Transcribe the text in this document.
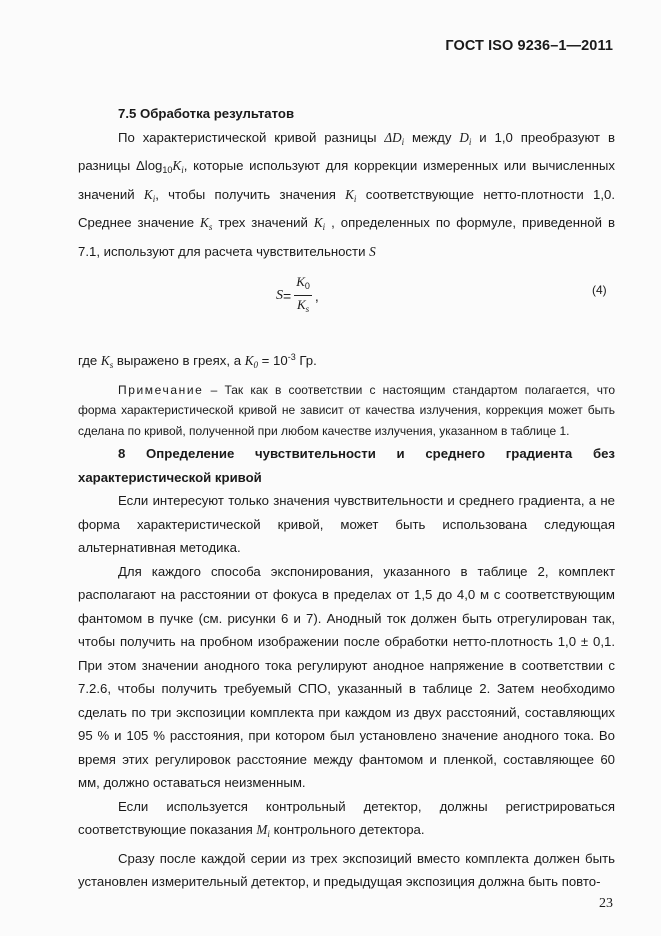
ГОСТ ISO 9236–1—2011

7.5 Обработка результатов

По характеристической кривой разницы $\Delta D_i$ между $D_i$ и 1,0 преобразуют в разницы $\Delta\log_{10}K_i$, которые используют для коррекции измеренных или вычисленных значений $K_i$, чтобы получить значения $K_i$ соответствующие нетто-плотности 1,0. Среднее значение $K_s$ трех значений $K_i$ , определенных по формуле, приведенной в 7.1, используют для расчета чувствительности S

$S = \frac{K_0}{K_s}$ ,	(4)

где $K_s$ выражено в греях, а $K_0 = 10^{-3}$ Гр.

Примечание – Так как в соответствии с настоящим стандартом полагается, что форма характеристической кривой не зависит от качества излучения, коррекция может быть сделана по кривой, полученной при любом качестве излучения, указанном в таблице 1.

8 Определение чувствительности и среднего градиента без характеристической кривой

Если интересуют только значения чувствительности и среднего градиента, а не форма характеристической кривой, может быть использована следующая альтернативная методика.

Для каждого способа экспонирования, указанного в таблице 2, комплект располагают на расстоянии от фокуса в пределах от 1,5 до 4,0 м с соответствующим фантомом в пучке (см. рисунки 6 и 7). Анодный ток должен быть отрегулирован так, чтобы получить на пробном изображении после обработки нетто-плотность 1,0 ± 0,1. При этом значении анодного тока регулируют анодное напряжение в соответствии с 7.2.6, чтобы получить требуемый СПО, указанный в таблице 2. Затем необходимо сделать по три экспозиции комплекта при каждом из двух расстояний, составляющих 95 % и 105 % расстояния, при котором был установлено значение анодного тока. Во время этих регулировок расстояние между фантомом и пленкой, составляющее 60 мм, должно оставаться неизменным.

Если используется контрольный детектор, должны регистрироваться соответствующие показания $M_i$ контрольного детектора.

Сразу после каждой серии из трех экспозиций вместо комплекта должен быть установлен измерительный детектор, и предыдущая экспозиция должна быть повто-

23
